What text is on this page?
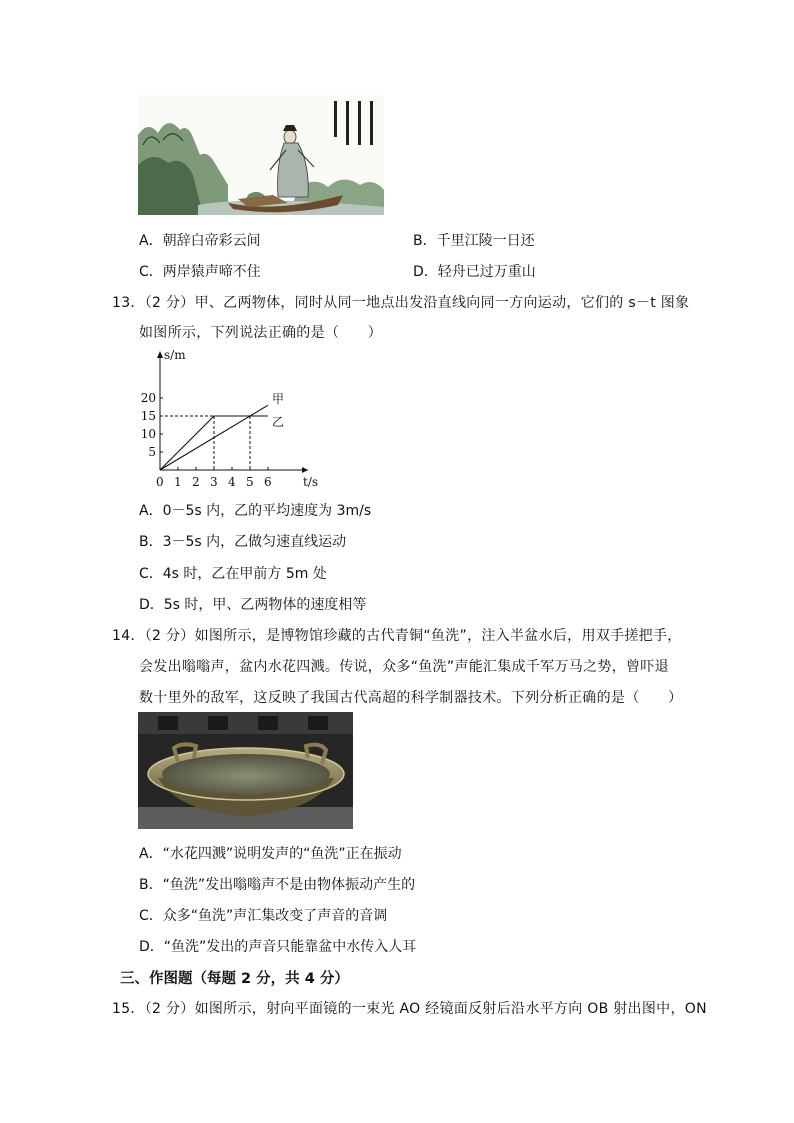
A．朝辞白帝彩云间	B．千里江陵一日还
C．两岸猿声啼不住	D．轻舟已过万重山
13．（2 分）甲、乙两物体，同时从同一地点出发沿直线向同一方向运动，它们的 s－t 图象
如图所示，下列说法正确的是（　　）
s/m
t/s
0 1 2 3 4 5 6
5
10
15
20	甲
乙
A．0－5s 内，乙的平均速度为 3m/s
B．3－5s 内，乙做匀速直线运动
C．4s 时，乙在甲前方 5m 处
D．5s 时，甲、乙两物体的速度相等
14．（2 分）如图所示，是博物馆珍藏的古代青铜“鱼洗”，注入半盆水后，用双手搓把手，
会发出嗡嗡声，盆内水花四溅。传说，众多“鱼洗”声能汇集成千军万马之势，曾吓退
数十里外的敌军，这反映了我国古代高超的科学制器技术。下列分析正确的是（　　）
A．“水花四溅”说明发声的“鱼洗”正在振动
B．“鱼洗”发出嗡嗡声不是由物体振动产生的
C．众多“鱼洗”声汇集改变了声音的音调
D．“鱼洗”发出的声音只能靠盆中水传入人耳
三、作图题（每题 2 分，共 4 分）
15．（2 分）如图所示，射向平面镜的一束光 AO 经镜面反射后沿水平方向 OB 射出图中，ON
